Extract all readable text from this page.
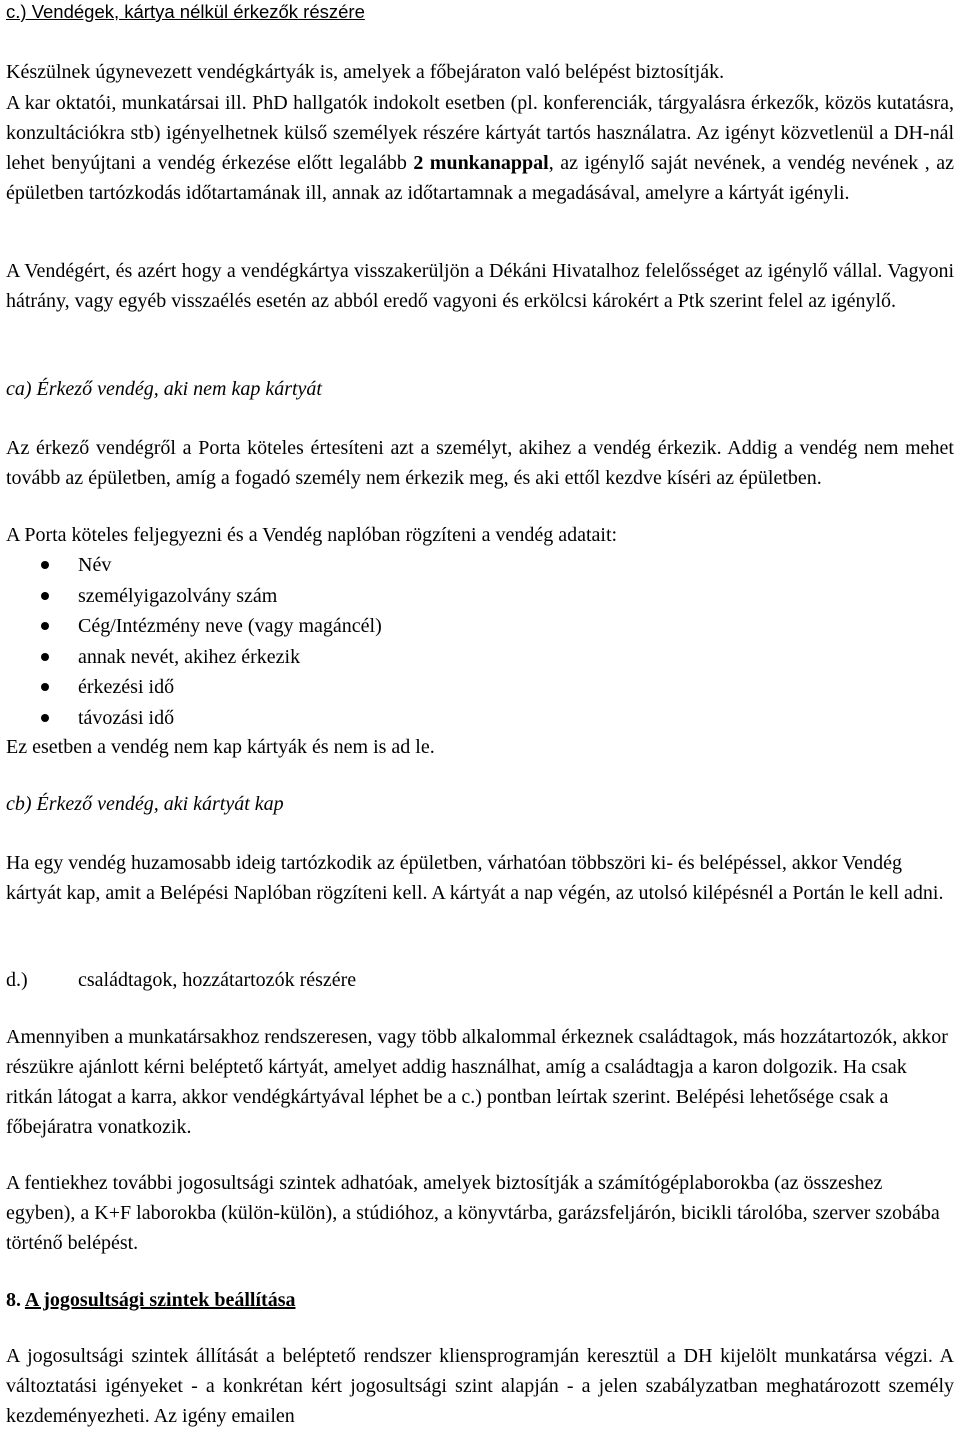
c.) Vendégek, kártya nélkül érkezők részére

Készülnek úgynevezett vendégkártyák is, amelyek a főbejáraton való belépést biztosítják.

A kar oktatói, munkatársai ill. PhD hallgatók indokolt esetben (pl. konferenciák, tárgyalásra érkezők, közös kutatásra, konzultációkra stb) igényelhetnek külső személyek részére kártyát tartós használatra. Az igényt közvetlenül a DH-nál lehet benyújtani a vendég érkezése előtt legalább 2 munkanappal, az igénylő saját nevének, a vendég nevének , az épületben tartózkodás időtartamának ill, annak az időtartamnak a megadásával, amelyre a kártyát igényli.

A Vendégért, és azért hogy a vendégkártya visszakerüljön a Dékáni Hivatalhoz felelősséget az igénylő vállal. Vagyoni hátrány, vagy egyéb visszaélés esetén az abból eredő vagyoni és erkölcsi károkért a Ptk szerint felel az igénylő.

ca) Érkező vendég, aki nem kap kártyát

Az érkező vendégről a Porta köteles értesíteni azt a személyt, akihez a vendég érkezik. Addig a vendég nem mehet tovább az épületben, amíg a fogadó személy nem érkezik meg, és aki ettől kezdve kíséri az épületben.

A Porta köteles feljegyezni és a Vendég naplóban rögzíteni a vendég adatait:

Név
személyigazolvány szám
Cég/Intézmény neve (vagy magáncél)
annak nevét, akihez érkezik
érkezési idő
távozási idő

Ez esetben a vendég nem kap kártyák és nem is ad le.

cb) Érkező vendég, aki kártyát kap

Ha egy vendég huzamosabb ideig tartózkodik az épületben, várhatóan többszöri ki- és belépéssel, akkor Vendég kártyát kap, amit a Belépési Naplóban rögzíteni kell. A kártyát a nap végén, az utolsó kilépésnél a Portán le kell adni.

d.)	családtagok, hozzátartozók részére

Amennyiben a munkatársakhoz rendszeresen, vagy több alkalommal érkeznek családtagok, más hozzátartozók, akkor részükre ajánlott kérni beléptető kártyát, amelyet addig használhat, amíg a családtagja a karon dolgozik. Ha csak ritkán látogat a karra, akkor vendégkártyával léphet be a c.) pontban leírtak szerint. Belépési lehetősége csak a főbejáratra vonatkozik.

A fentiekhez további jogosultsági szintek adhatóak, amelyek biztosítják a számítógéplaborokba (az összeshez egyben), a K+F laborokba (külön-külön), a stúdióhoz, a könyvtárba, garázsfeljárón, bicikli tárolóba, szerver szobába történő belépést.

8. A jogosultsági szintek beállítása

A jogosultsági szintek állítását a beléptető rendszer kliensprogramján keresztül a DH kijelölt munkatársa végzi. A változtatási igényeket - a konkrétan kért jogosultsági szint alapján - a jelen szabályzatban meghatározott személy kezdeményezheti. Az igény emailen
